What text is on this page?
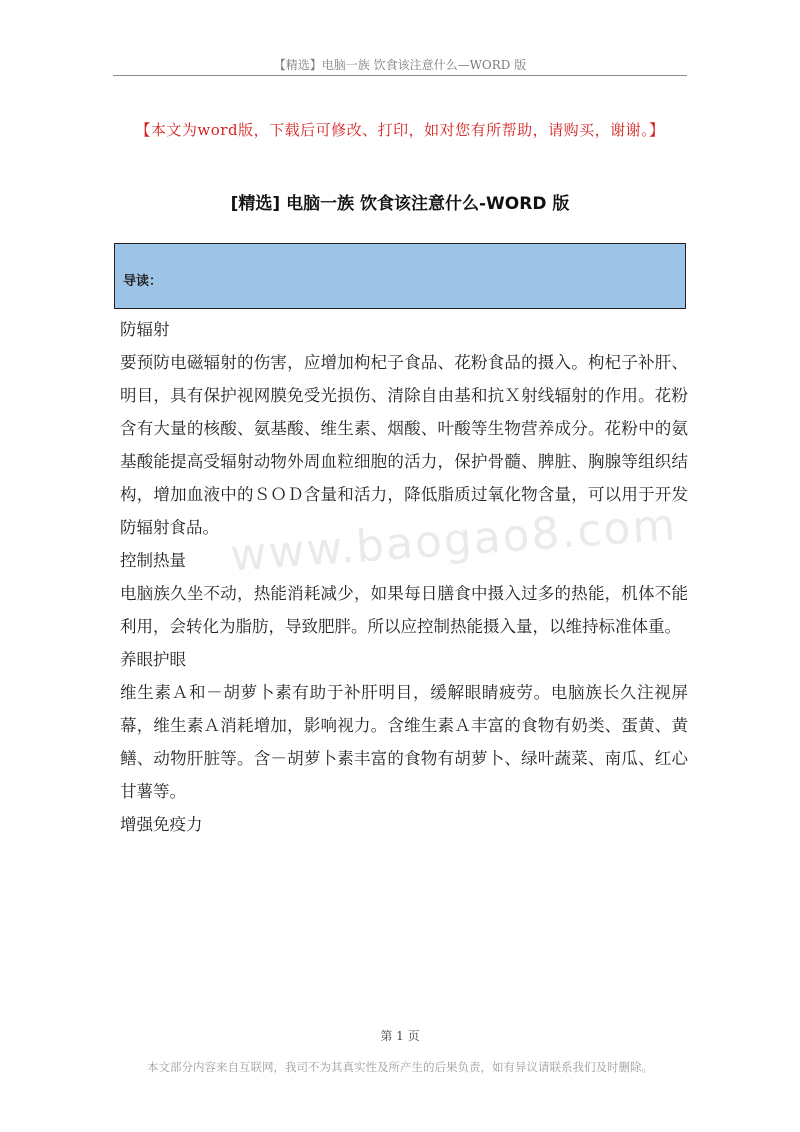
【精选】电脑一族 饮食该注意什么—WORD 版
【本文为word版，下载后可修改、打印，如对您有所帮助，请购买，谢谢。】
[精选] 电脑一族 饮食该注意什么-WORD 版
导读：
www.baogao8.com

防辐射

要预防电磁辐射的伤害，应增加枸杞子食品、花粉食品的摄入。枸杞子补肝、明目，具有保护视网膜免受光损伤、清除自由基和抗Ｘ射线辐射的作用。花粉含有大量的核酸、氨基酸、维生素、烟酸、叶酸等生物营养成分。花粉中的氨基酸能提高受辐射动物外周血粒细胞的活力，保护骨髓、脾脏、胸腺等组织结构，增加血液中的ＳＯＤ含量和活力，降低脂质过氧化物含量，可以用于开发防辐射食品。

控制热量

电脑族久坐不动，热能消耗减少，如果每日膳食中摄入过多的热能，机体不能利用，会转化为脂肪，导致肥胖。所以应控制热能摄入量，以维持标准体重。

养眼护眼

维生素Ａ和－胡萝卜素有助于补肝明目，缓解眼睛疲劳。电脑族长久注视屏幕，维生素Ａ消耗增加，影响视力。含维生素Ａ丰富的食物有奶类、蛋黄、黄鳝、动物肝脏等。含－胡萝卜素丰富的食物有胡萝卜、绿叶蔬菜、南瓜、红心甘薯等。

增强免疫力

第 1 页
本文部分内容来自互联网，我司不为其真实性及所产生的后果负责，如有异议请联系我们及时删除。
